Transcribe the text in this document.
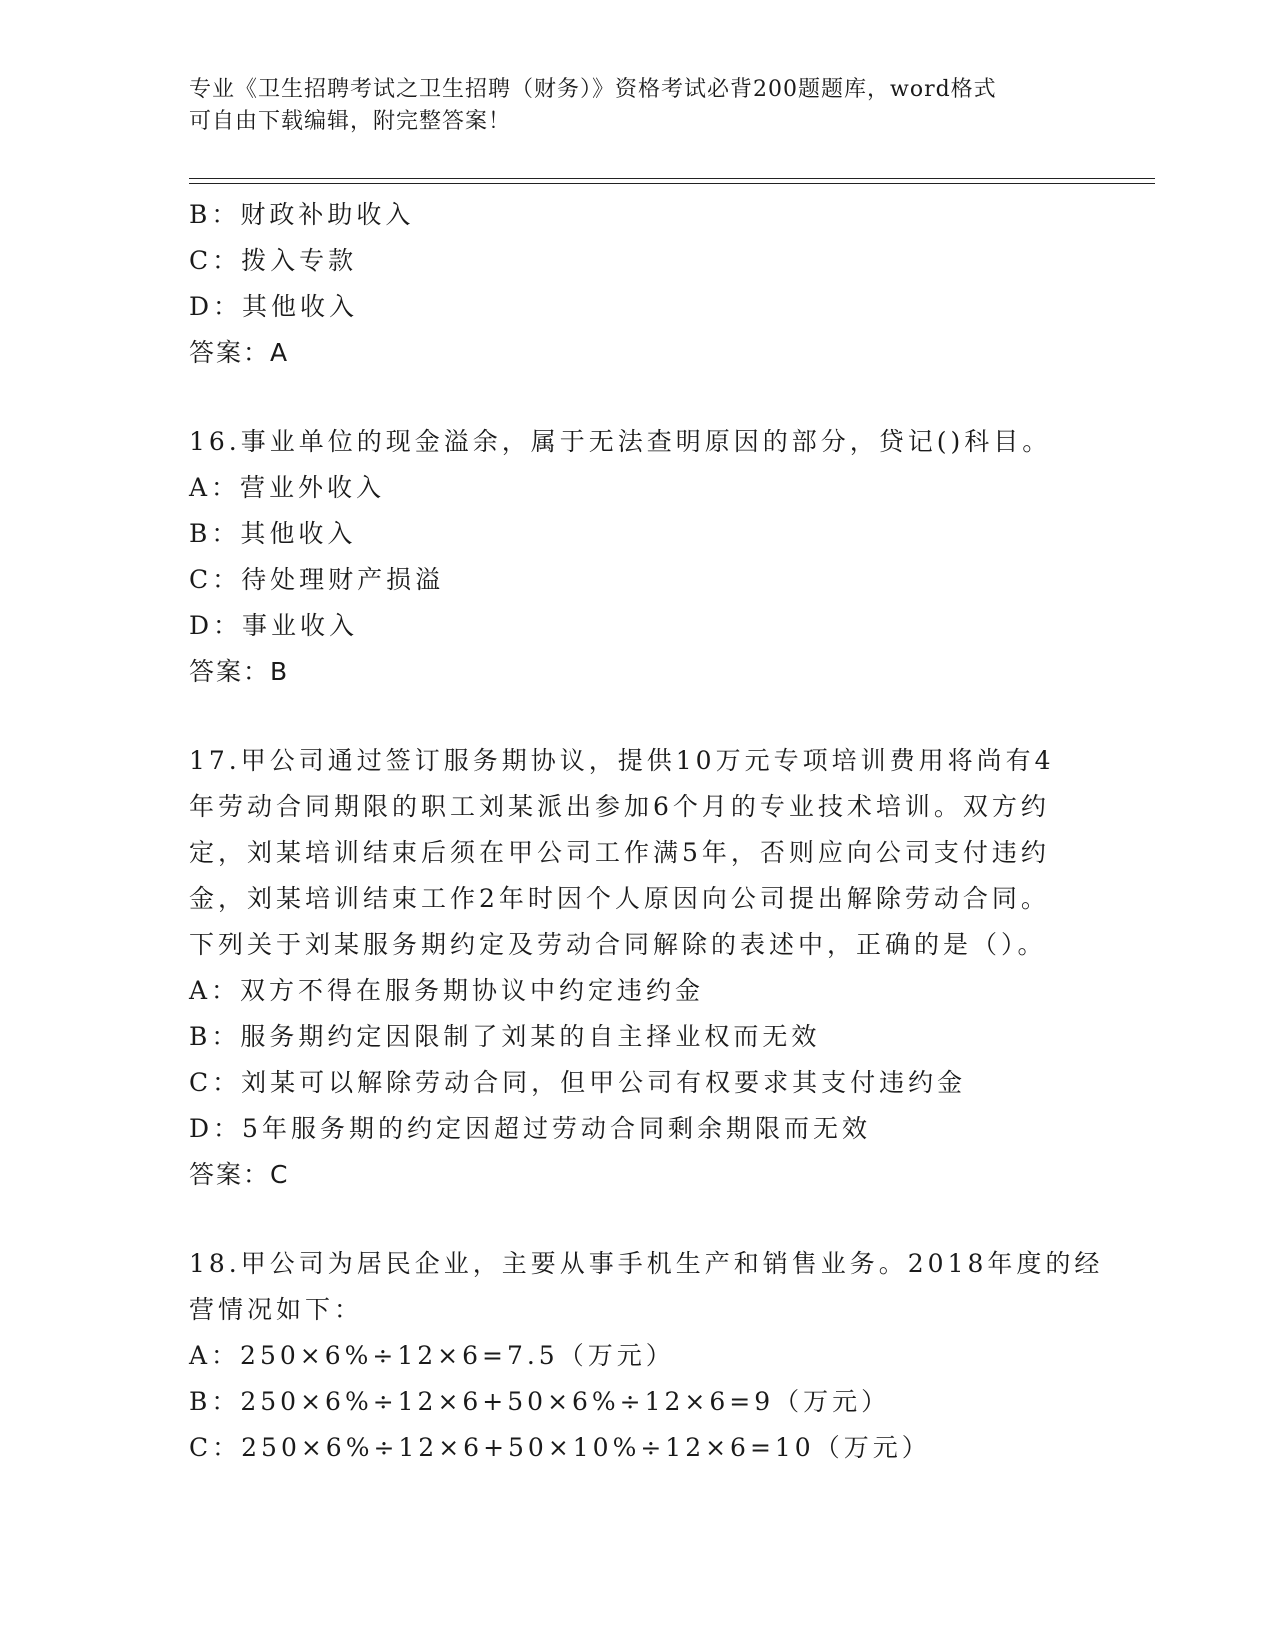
专业《卫生招聘考试之卫生招聘（财务）》资格考试必背200题题库，word格式
可自由下载编辑，附完整答案！
B：财政补助收入
C：拨入专款
D：其他收入
答案：A
16.事业单位的现金溢余，属于无法查明原因的部分，贷记()科目。
A：营业外收入
B：其他收入
C：待处理财产损溢
D：事业收入
答案：B
17.甲公司通过签订服务期协议，提供10万元专项培训费用将尚有4
年劳动合同期限的职工刘某派出参加6个月的专业技术培训。双方约
定，刘某培训结束后须在甲公司工作满5年，否则应向公司支付违约
金，刘某培训结束工作2年时因个人原因向公司提出解除劳动合同。
下列关于刘某服务期约定及劳动合同解除的表述中，正确的是（）。
A：双方不得在服务期协议中约定违约金
B：服务期约定因限制了刘某的自主择业权而无效
C：刘某可以解除劳动合同，但甲公司有权要求其支付违约金
D：5年服务期的约定因超过劳动合同剩余期限而无效
答案：C
18.甲公司为居民企业，主要从事手机生产和销售业务。2018年度的经
营情况如下：
A：250×6%÷12×6=7.5（万元）
B：250×6%÷12×6+50×6%÷12×6=9（万元）
C：250×6%÷12×6+50×10%÷12×6=10（万元）
